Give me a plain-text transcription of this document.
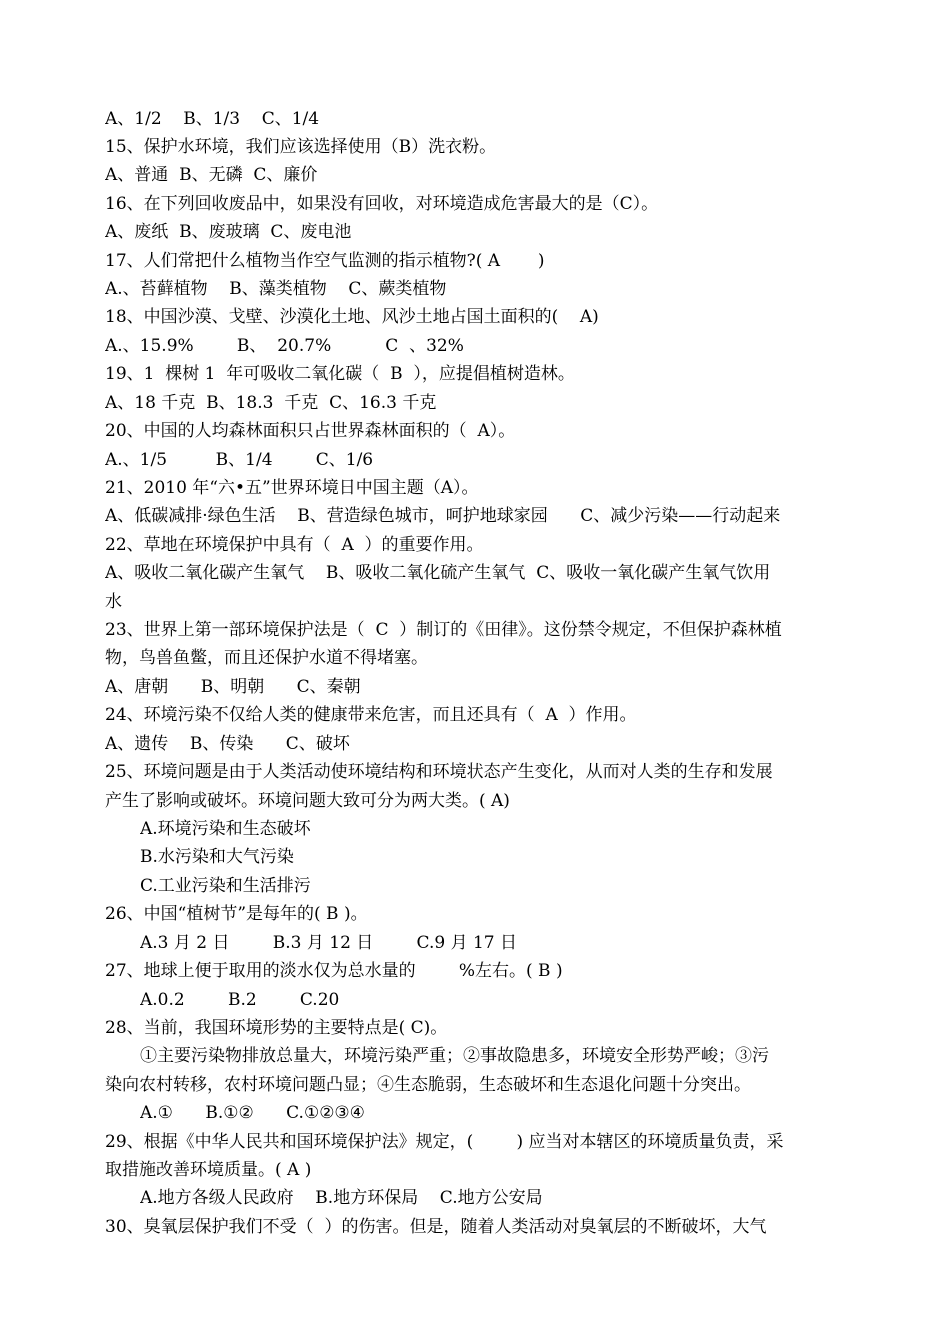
A、1/2    B、1/3    C、1/4
15、保护水环境，我们应该选择使用（B）洗衣粉。
A、普通  B、无磷  C、廉价
16、在下列回收废品中，如果没有回收，对环境造成危害最大的是（C）。
A、废纸  B、废玻璃  C、废电池
17、人们常把什么植物当作空气监测的指示植物?( A       )
A.、苔藓植物    B、藻类植物    C、蕨类植物
18、中国沙漠、戈壁、沙漠化土地、风沙土地占国土面积的(    A)
A.、15.9%        B、  20.7%          C  、32%
19、1  棵树 1  年可吸收二氧化碳（  B  ），应提倡植树造林。
A、18 千克  B、18.3  千克  C、16.3 千克
20、中国的人均森林面积只占世界森林面积的（  A）。
A.、1/5         B、1/4        C、1/6
21、2010 年“六•五”世界环境日中国主题（A）。
A、低碳减排·绿色生活    B、营造绿色城市，呵护地球家园      C、减少污染——行动起来
22、草地在环境保护中具有（  A  ）的重要作用。
A、吸收二氧化碳产生氧气    B、吸收二氧化硫产生氧气  C、吸收一氧化碳产生氧气饮用
水
23、世界上第一部环境保护法是（  C  ）制订的《田律》。这份禁令规定，不但保护森林植
物，鸟兽鱼鳖，而且还保护水道不得堵塞。
A、唐朝      B、明朝      C、秦朝
24、环境污染不仅给人类的健康带来危害，而且还具有（  A  ）作用。
A、遗传    B、传染      C、破坏
25、环境问题是由于人类活动使环境结构和环境状态产生变化，从而对人类的生存和发展
产生了影响或破坏。环境问题大致可分为两大类。( A)
A.环境污染和生态破坏
B.水污染和大气污染
C.工业污染和生活排污
26、中国“植树节”是每年的( B )。
A.3 月 2 日        B.3 月 12 日        C.9 月 17 日
27、地球上便于取用的淡水仅为总水量的        %左右。( B )
A.0.2        B.2        C.20
28、当前，我国环境形势的主要特点是( C)。
①主要污染物排放总量大，环境污染严重；②事故隐患多，环境安全形势严峻；③污
染向农村转移，农村环境问题凸显；④生态脆弱，生态破坏和生态退化问题十分突出。
A.①      B.①②      C.①②③④
29、根据《中华人民共和国环境保护法》规定，(        ) 应当对本辖区的环境质量负责，采
取措施改善环境质量。( A )
A.地方各级人民政府    B.地方环保局    C.地方公安局
30、臭氧层保护我们不受（  ）的伤害。但是，随着人类活动对臭氧层的不断破坏，大气
